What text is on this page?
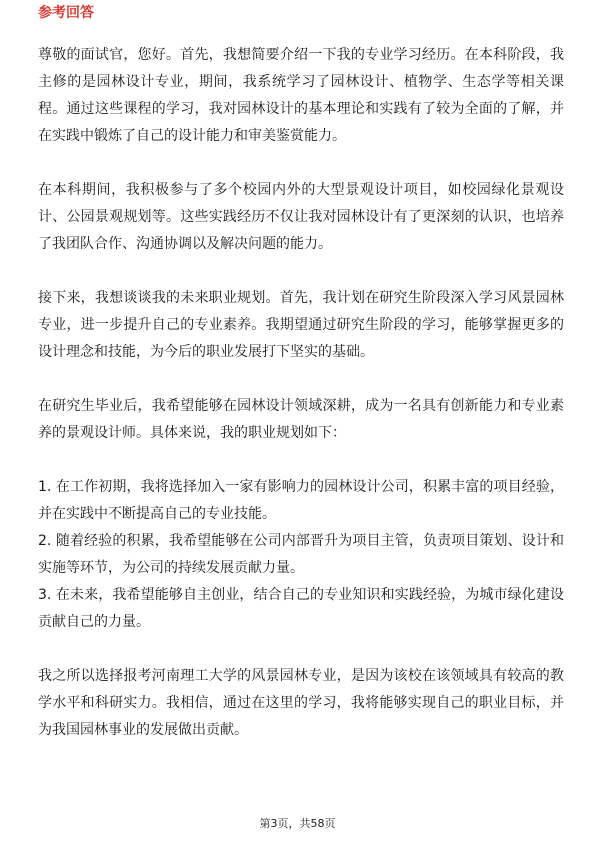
参考回答

尊敬的面试官，您好。首先，我想简要介绍一下我的专业学习经历。在本科阶段，我主修的是园林设计专业，期间，我系统学习了园林设计、植物学、生态学等相关课程。通过这些课程的学习，我对园林设计的基本理论和实践有了较为全面的了解，并在实践中锻炼了自己的设计能力和审美鉴赏能力。

在本科期间，我积极参与了多个校园内外的大型景观设计项目，如校园绿化景观设计、公园景观规划等。这些实践经历不仅让我对园林设计有了更深刻的认识，也培养了我团队合作、沟通协调以及解决问题的能力。

接下来，我想谈谈我的未来职业规划。首先，我计划在研究生阶段深入学习风景园林专业，进一步提升自己的专业素养。我期望通过研究生阶段的学习，能够掌握更多的设计理念和技能，为今后的职业发展打下坚实的基础。

在研究生毕业后，我希望能够在园林设计领域深耕，成为一名具有创新能力和专业素养的景观设计师。具体来说，我的职业规划如下：

1. 在工作初期，我将选择加入一家有影响力的园林设计公司，积累丰富的项目经验，并在实践中不断提高自己的专业技能。
2. 随着经验的积累，我希望能够在公司内部晋升为项目主管，负责项目策划、设计和实施等环节，为公司的持续发展贡献力量。
3. 在未来，我希望能够自主创业，结合自己的专业知识和实践经验，为城市绿化建设贡献自己的力量。

我之所以选择报考河南理工大学的风景园林专业，是因为该校在该领域具有较高的教学水平和科研实力。我相信，通过在这里的学习，我将能够实现自己的职业目标，并为我国园林事业的发展做出贡献。

第3页，共58页
